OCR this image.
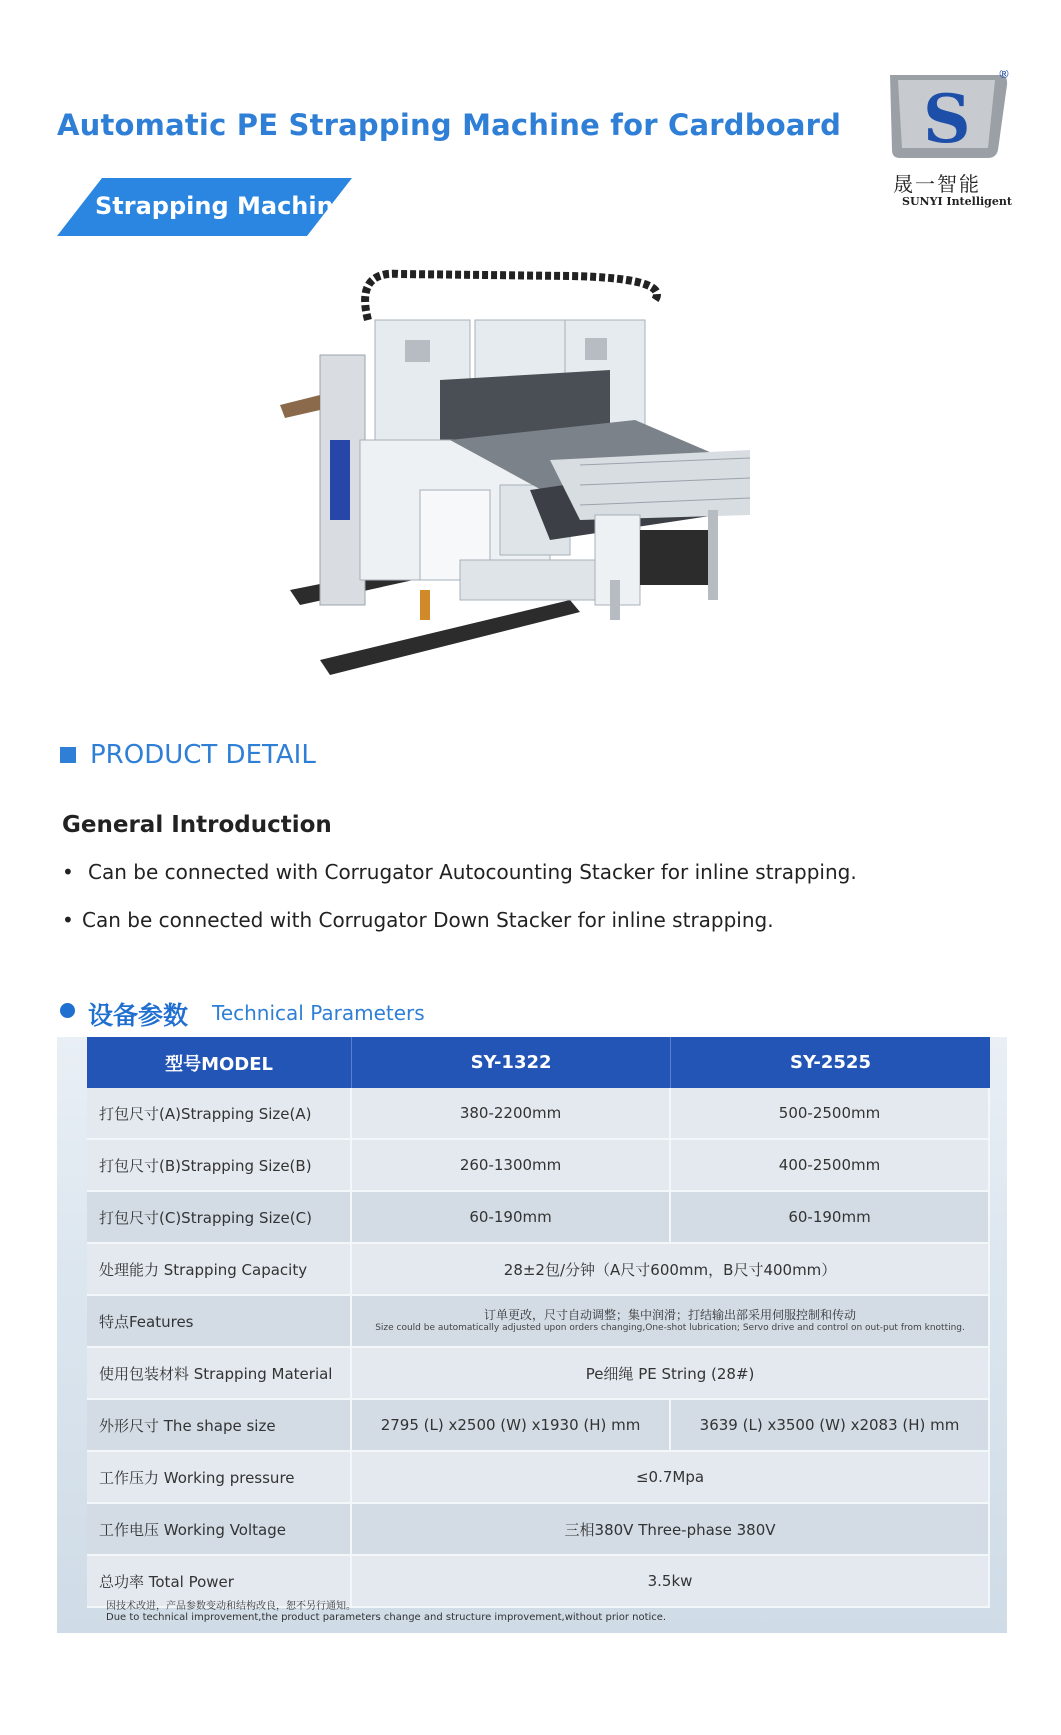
Automatic PE Strapping Machine for Cardboard
Strapping Machine
S
®
晟一智能
SUNYI Intelligent
PRODUCT DETAIL
General Introduction
• Can be connected with Corrugator Autocounting Stacker for inline strapping.
• Can be connected with Corrugator Down Stacker for inline strapping.
设备参数 Technical Parameters
型号MODEL	SY-1322	SY-2525
打包尺寸(A)Strapping Size(A)	380-2200mm	500-2500mm
打包尺寸(B)Strapping Size(B)	260-1300mm	400-2500mm
打包尺寸(C)Strapping Size(C)	60-190mm	60-190mm
处理能力 Strapping Capacity	28±2包/分钟（A尺寸600mm，B尺寸400mm）	
特点Features	订单更改，尺寸自动调整；集中润滑；打结输出部采用伺服控制和传动
Size could be automatically adjusted upon orders changing,One-shot lubrication; Servo drive and control on out-put from knotting.	

使用包装材料 Strapping Material	Pe细绳 PE String (28#)	
外形尺寸 The shape size	2795 (L) x2500 (W) x1930 (H) mm	3639 (L) x3500 (W) x2083 (H) mm
工作压力 Working pressure	≤0.7Mpa	
工作电压 Working Voltage	三相380V Three-phase 380V	
总功率 Total Power	3.5kw	
因技术改进，产品参数变动和结构改良，恕不另行通知。
Due to technical improvement,the product parameters change and structure improvement,without prior notice.
